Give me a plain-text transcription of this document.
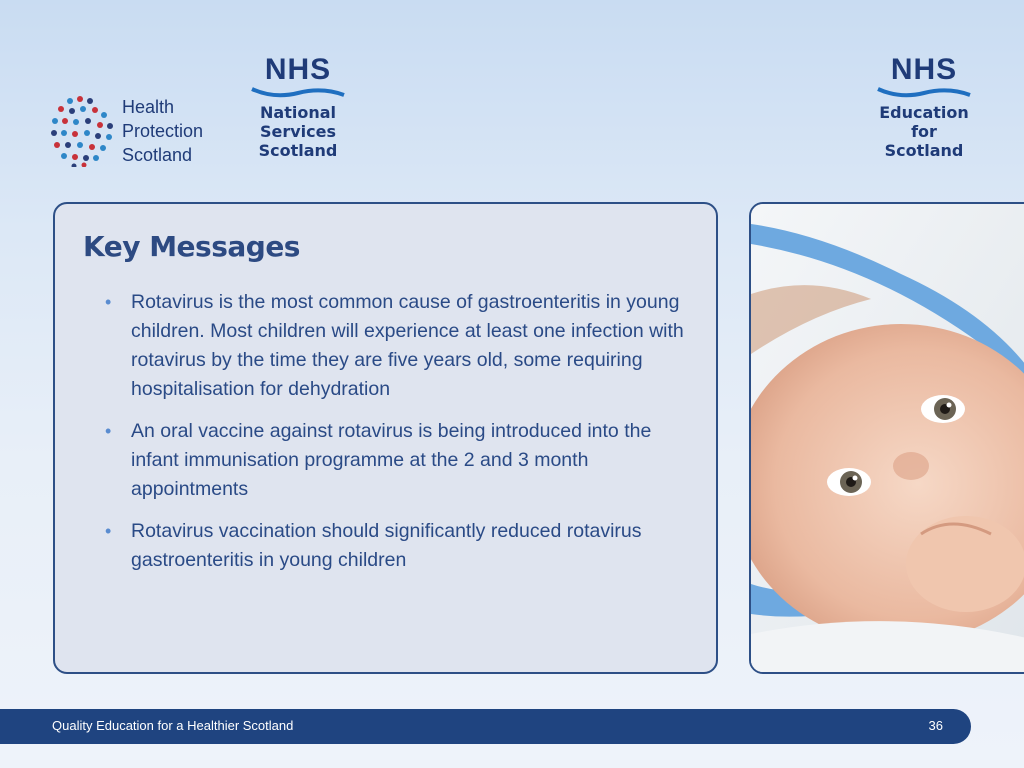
Health
Protection
Scotland
NHS
National
Services
Scotland
NHS
Education
for
Scotland
Key Messages
• Rotavirus is the most common cause of gastroenteritis in young children. Most children will experience at least one infection with rotavirus by the time they are five years old, some requiring hospitalisation for dehydration
• An oral vaccine against rotavirus is being introduced into the infant immunisation programme at the 2 and 3 month appointments
• Rotavirus vaccination should significantly reduced rotavirus gastroenteritis in young children
Quality Education for a Healthier Scotland	36
